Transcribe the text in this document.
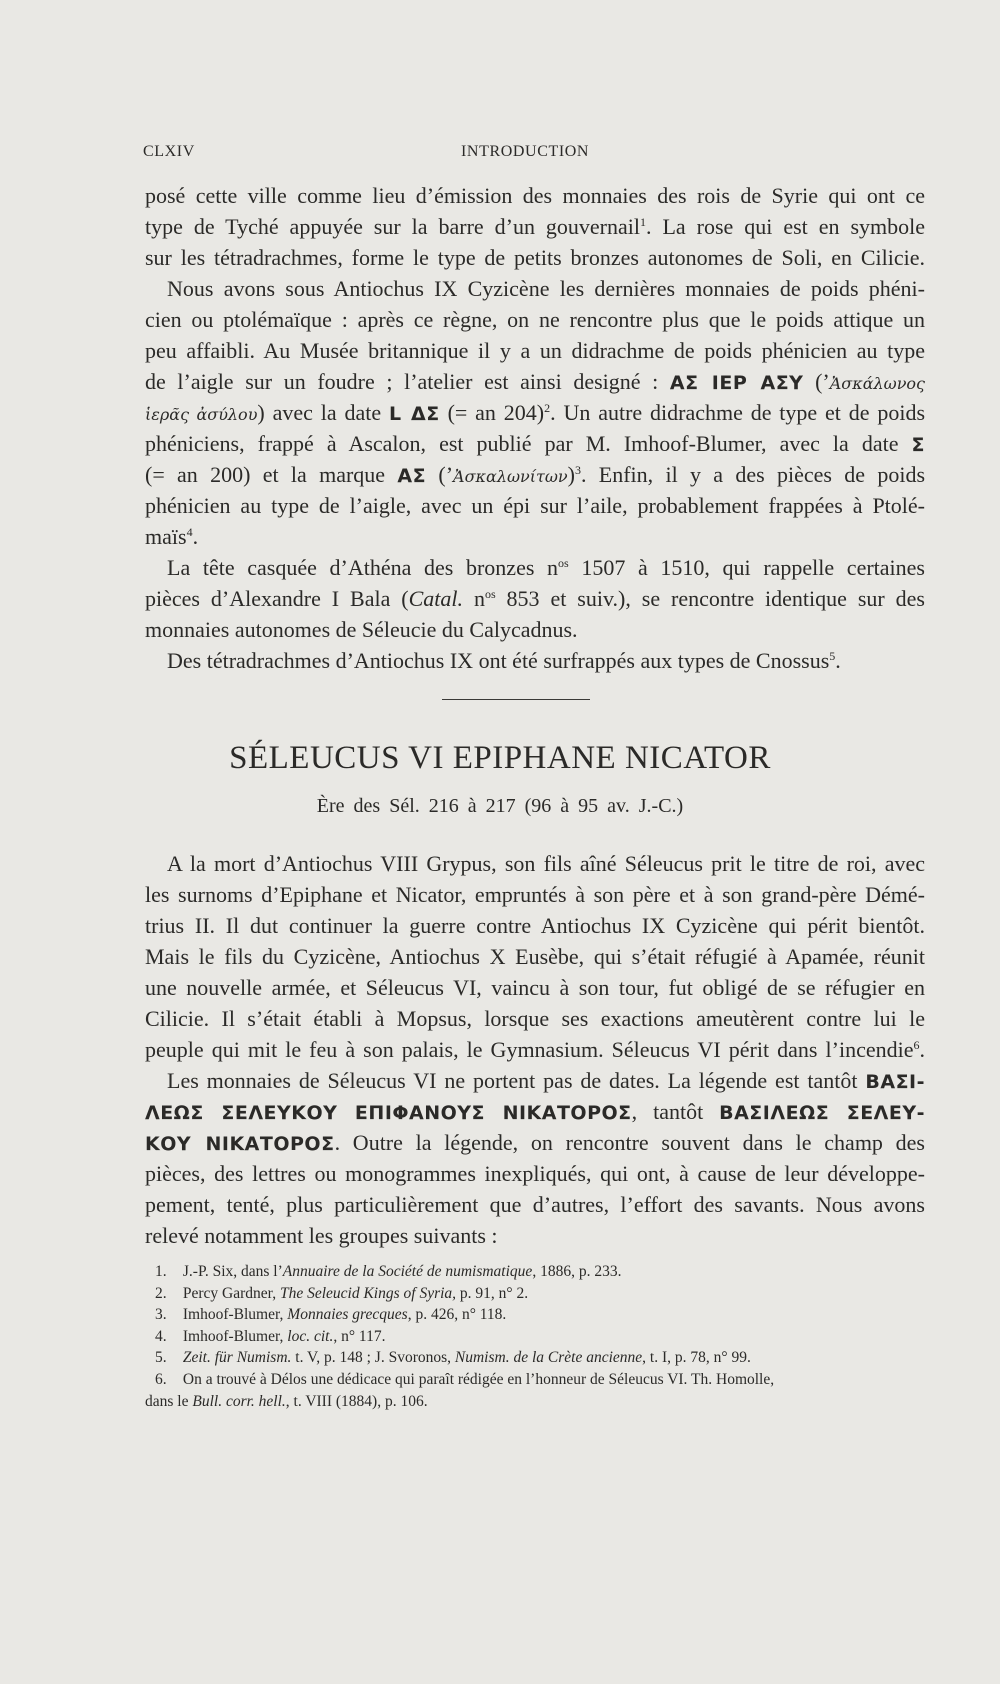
CLXIV	INTRODUCTION
posé cette ville comme lieu d’émission des monnaies des rois de Syrie qui ont ce
type de Tyché appuyée sur la barre d’un gouvernail$^1$. La rose qui est en symbole
sur les tétradrachmes, forme le type de petits bronzes autonomes de Soli, en Cilicie.
Nous avons sous Antiochus IX Cyzicène les dernières monnaies de poids phéni-
cien ou ptolémaïque : après ce règne, on ne rencontre plus que le poids attique un
peu affaibli. Au Musée britannique il y a un didrachme de poids phénicien au type
de l’aigle sur un foudre ; l’atelier est ainsi designé : ΑΣ ΙΕΡ ΑΣΥ (’Ἀσκάλωνος
ἱερᾶς ἀσύλου) avec la date L ΔΣ (= an 204)$^2$. Un autre didrachme de type et de poids
phéniciens, frappé à Ascalon, est publié par M. Imhoof-Blumer, avec la date Σ
(= an 200) et la marque ΑΣ (’Ἀσκαλωνίτων)$^3$. Enfin, il y a des pièces de poids
phénicien au type de l’aigle, avec un épi sur l’aile, probablement frappées à Ptolé-
maïs$^4$.
La tête casquée d’Athéna des bronzes $n^{os}$ 1507 à 1510, qui rappelle certaines
pièces d’Alexandre I Bala (Catal. $n^{os}$ 853 et suiv.), se rencontre identique sur des
monnaies autonomes de Séleucie du Calycadnus.
Des tétradrachmes d’Antiochus IX ont été surfrappés aux types de Cnossus$^5$.
SÉLEUCUS VI EPIPHANE NICATOR
Ère des Sél. 216 à 217 (96 à 95 av. J.-C.)
A la mort d’Antiochus VIII Grypus, son fils aîné Séleucus prit le titre de roi, avec
les surnoms d’Epiphane et Nicator, empruntés à son père et à son grand-père Démé-
trius II. Il dut continuer la guerre contre Antiochus IX Cyzicène qui périt bientôt.
Mais le fils du Cyzicène, Antiochus X Eusèbe, qui s’était réfugié à Apamée, réunit
une nouvelle armée, et Séleucus VI, vaincu à son tour, fut obligé de se réfugier en
Cilicie. Il s’était établi à Mopsus, lorsque ses exactions ameutèrent contre lui le
peuple qui mit le feu à son palais, le Gymnasium. Séleucus VI périt dans l’incendie$^6$.
Les monnaies de Séleucus VI ne portent pas de dates. La légende est tantôt ΒΑΣΙ-
ΛΕΩΣ ΣΕΛΕΥΚΟΥ ΕΠΙΦΑΝΟΥΣ ΝΙΚΑΤΟΡΟΣ, tantôt ΒΑΣΙΛΕΩΣ ΣΕΛΕΥ-
ΚΟΥ ΝΙΚΑΤΟΡΟΣ. Outre la légende, on rencontre souvent dans le champ des
pièces, des lettres ou monogrammes inexpliqués, qui ont, à cause de leur développe-
pement, tenté, plus particulièrement que d’autres, l’effort des savants. Nous avons
relevé notamment les groupes suivants :
1. J.-P. Six, dans l’Annuaire de la Société de numismatique, 1886, p. 233.
2. Percy Gardner, The Seleucid Kings of Syria, p. 91, n° 2.
3. Imhoof-Blumer, Monnaies grecques, p. 426, n° 118.
4. Imhoof-Blumer, loc. cit., n° 117.
5. Zeit. für Numism. t. V, p. 148 ; J. Svoronos, Numism. de la Crète ancienne, t. I, p. 78, n° 99.
6. On a trouvé à Délos une dédicace qui paraît rédigée en l’honneur de Séleucus VI. Th. Homolle,
dans le Bull. corr. hell., t. VIII (1884), p. 106.
